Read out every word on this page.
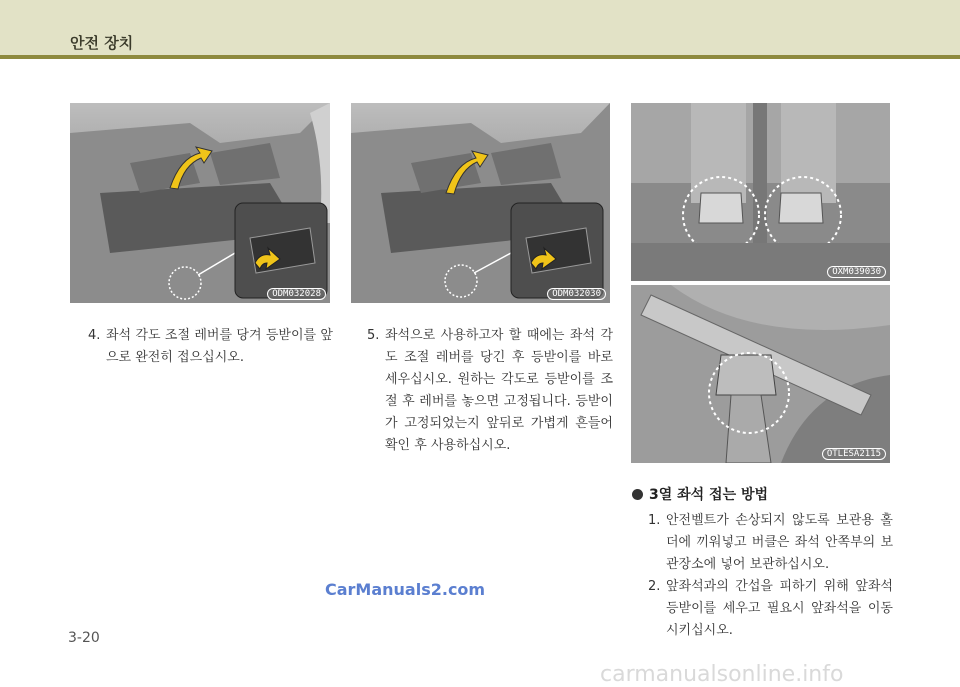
안전 장치
ODM032028	ODM032030
OXM039030
OTLESA2115
4. 좌석 각도 조절 레버를 당겨 등받이를 앞으로 완전히 접으십시오.
5. 좌석으로 사용하고자 할 때에는 좌석 각도 조절 레버를 당긴 후 등받이를 바로 세우십시오. 원하는 각도로 등받이를 조절 후 레버를 놓으면 고정됩니다. 등받이가 고정되었는지 앞뒤로 가볍게 흔들어 확인 후 사용하십시오.
3열 좌석 접는 방법
1. 안전벨트가 손상되지 않도록 보관용 홀더에 끼워넣고 버클은 좌석 안쪽부의 보관장소에 넣어 보관하십시오.
2. 앞좌석과의 간섭을 피하기 위해 앞좌석 등받이를 세우고 필요시 앞좌석을 이동시키십시오.
3-20
CarManuals2.com
carmanualsonline.info
